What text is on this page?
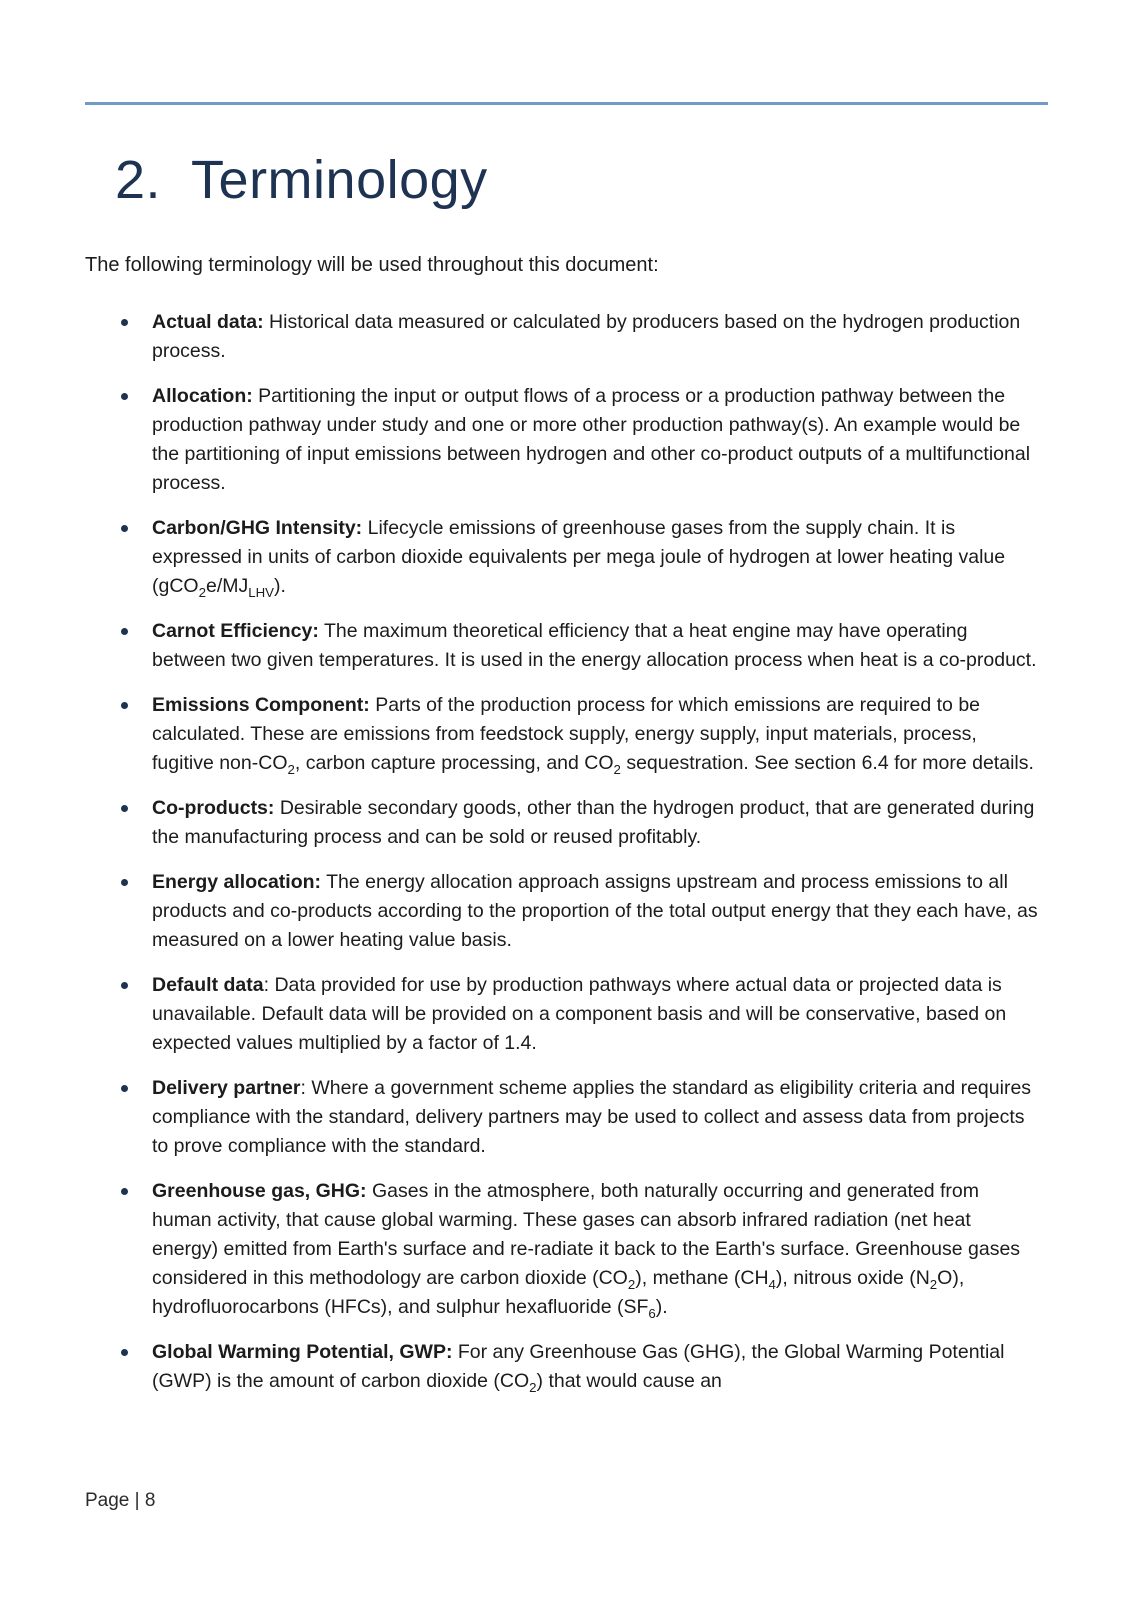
2. Terminology

The following terminology will be used throughout this document:

Actual data: Historical data measured or calculated by producers based on the hydrogen production process.
Allocation: Partitioning the input or output flows of a process or a production pathway between the production pathway under study and one or more other production pathway(s). An example would be the partitioning of input emissions between hydrogen and other co-product outputs of a multifunctional process.
Carbon/GHG Intensity: Lifecycle emissions of greenhouse gases from the supply chain. It is expressed in units of carbon dioxide equivalents per mega joule of hydrogen at lower heating value $(gCO_2e/MJ_{LHV})$.
Carnot Efficiency: The maximum theoretical efficiency that a heat engine may have operating between two given temperatures. It is used in the energy allocation process when heat is a co-product.
Emissions Component: Parts of the production process for which emissions are required to be calculated. These are emissions from feedstock supply, energy supply, input materials, process, fugitive non-$CO_2$, carbon capture processing, and $CO_2$ sequestration. See section 6.4 for more details.
Co-products: Desirable secondary goods, other than the hydrogen product, that are generated during the manufacturing process and can be sold or reused profitably.
Energy allocation: The energy allocation approach assigns upstream and process emissions to all products and co-products according to the proportion of the total output energy that they each have, as measured on a lower heating value basis.
Default data: Data provided for use by production pathways where actual data or projected data is unavailable. Default data will be provided on a component basis and will be conservative, based on expected values multiplied by a factor of 1.4.
Delivery partner: Where a government scheme applies the standard as eligibility criteria and requires compliance with the standard, delivery partners may be used to collect and assess data from projects to prove compliance with the standard.
Greenhouse gas, GHG: Gases in the atmosphere, both naturally occurring and generated from human activity, that cause global warming. These gases can absorb infrared radiation (net heat energy) emitted from Earth's surface and re-radiate it back to the Earth's surface. Greenhouse gases considered in this methodology are carbon dioxide $(CO_2)$, methane $(CH_4)$, nitrous oxide $(N_2O)$, hydrofluorocarbons (HFCs), and sulphur hexafluoride $(SF_6)$.
Global Warming Potential, GWP: For any Greenhouse Gas (GHG), the Global Warming Potential (GWP) is the amount of carbon dioxide $(CO_2)$ that would cause an
Page | 8
